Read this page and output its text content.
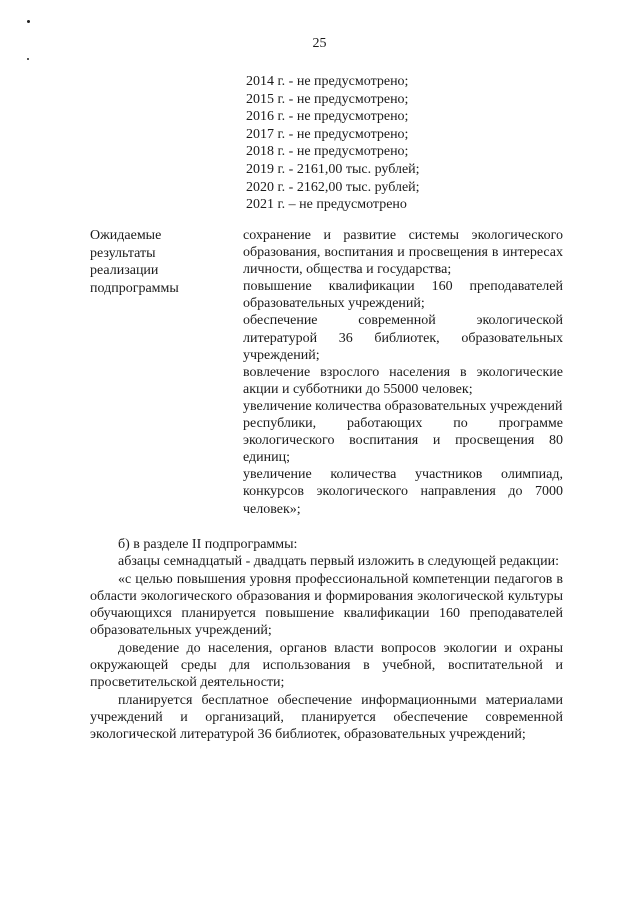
25
2014 г. - не предусмотрено;
2015 г. - не предусмотрено;
2016 г. - не предусмотрено;
2017 г. - не предусмотрено;
2018 г. - не предусмотрено;
2019 г. - 2161,00 тыс. рублей;
2020 г. - 2162,00 тыс. рублей;
2021 г. – не предусмотрено
Ожидаемые
результаты
реализации
подпрограммы
сохранение и развитие системы экологического образования, воспитания и просвещения в интересах личности, общества и государства;
повышение квалификации 160 преподавателей образовательных учреждений;
обеспечение современной экологической литературой 36 библиотек, образовательных учреждений;
вовлечение взрослого населения в экологические акции и субботники до 55000 человек;
увеличение количества образовательных учреждений
республики, работающих по программе экологического воспитания и просвещения 80 единиц;
увеличение количества участников олимпиад, конкурсов экологического направления до 7000 человек»;
б) в разделе II подпрограммы:
абзацы семнадцатый - двадцать первый изложить в следующей редакции:
«с целью повышения уровня профессиональной компетенции педагогов в области экологического образования и формирования экологической культуры обучающихся планируется повышение квалификации 160 преподавателей образовательных учреждений;
доведение до населения, органов власти вопросов экологии и охраны окружающей среды для использования в учебной, воспитательной и просветительской деятельности;
планируется бесплатное обеспечение информационными материалами учреждений и организаций, планируется обеспечение современной экологической литературой 36 библиотек, образовательных учреждений;
